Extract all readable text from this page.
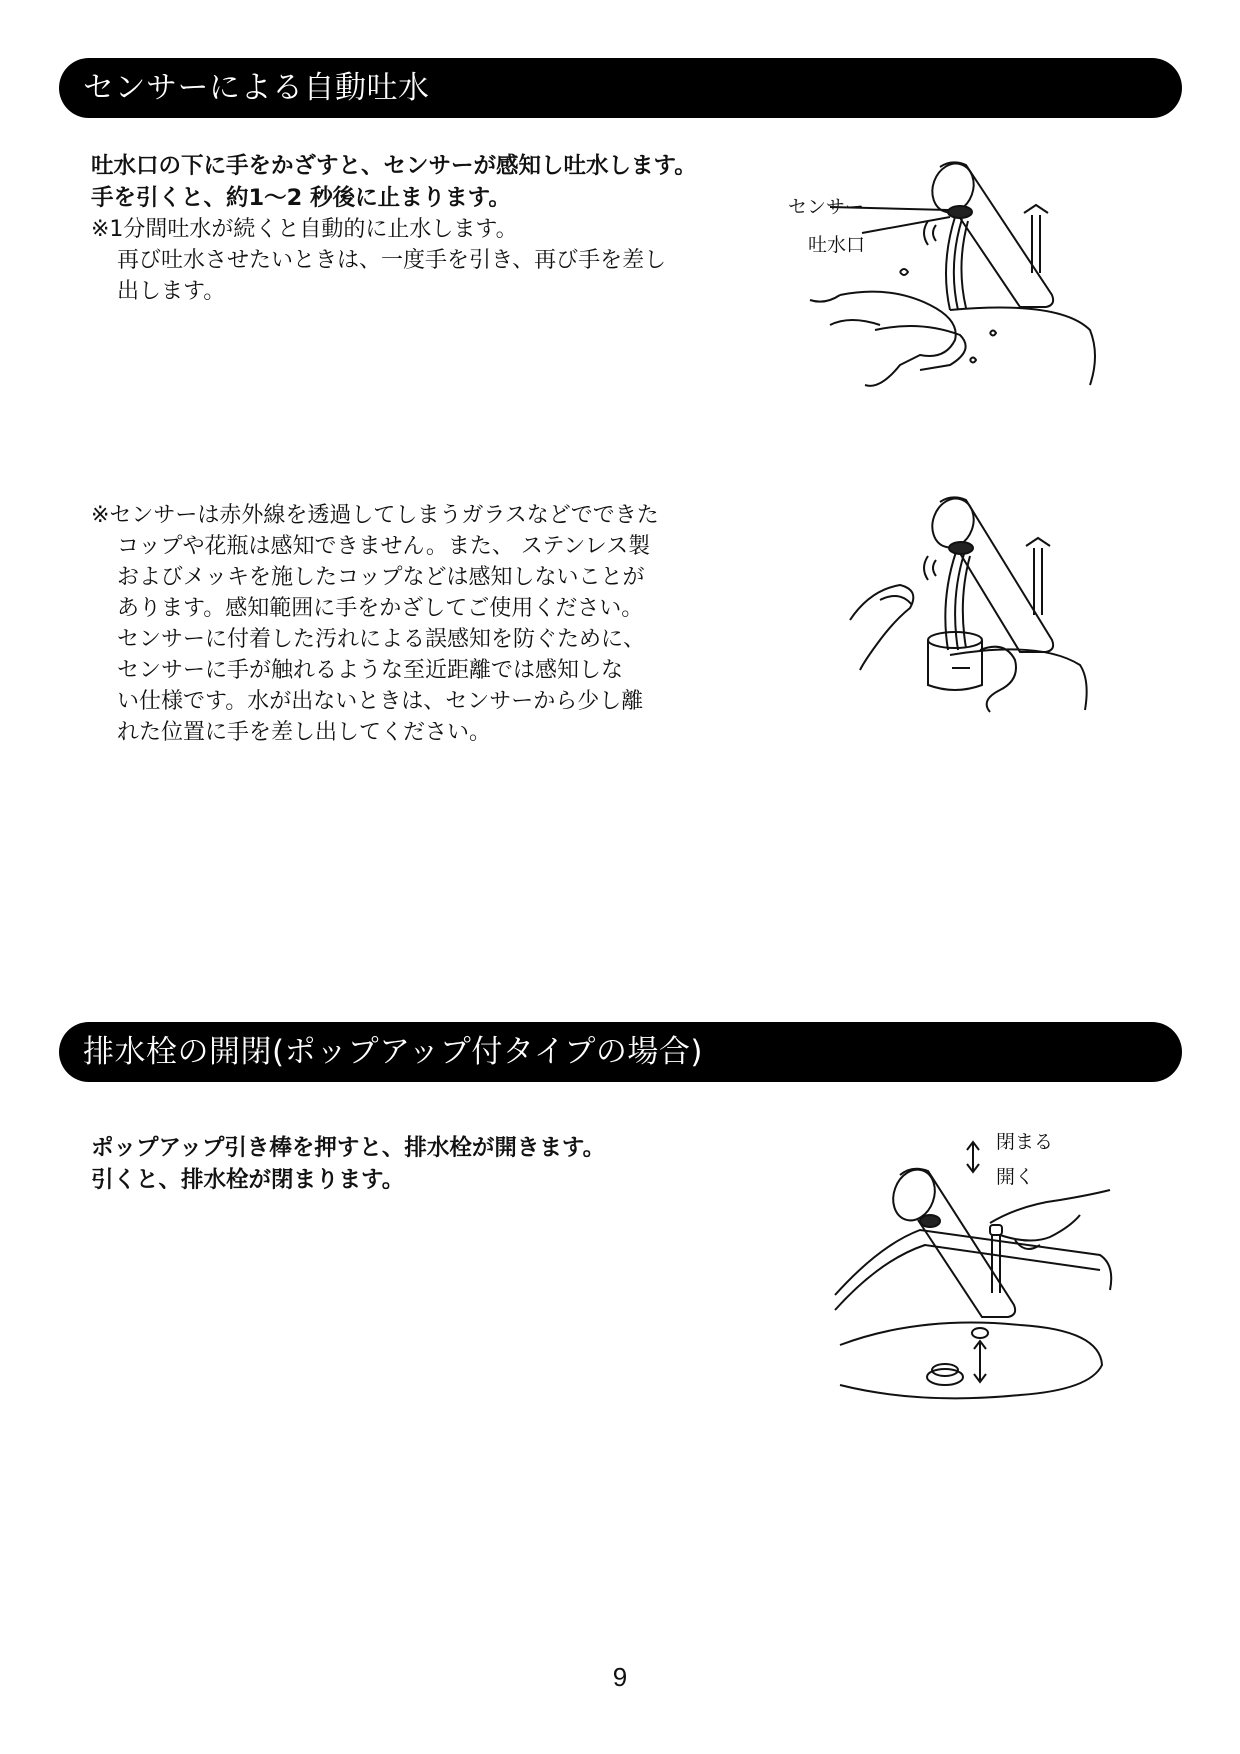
センサーによる自動吐水
吐水口の下に手をかざすと、センサーが感知し吐水します。
手を引くと、約1～2 秒後に止まります。
※1分間吐水が続くと自動的に止水します。
再び吐水させたいときは、一度手を引き、再び手を差し
出します。
センサー
吐水口
※センサーは赤外線を透過してしまうガラスなどでできた
コップや花瓶は感知できません。また、 ステンレス製
およびメッキを施したコップなどは感知しないことが
あります。感知範囲に手をかざしてご使用ください。
センサーに付着した汚れによる誤感知を防ぐために、
センサーに手が触れるような至近距離では感知しな
い仕様です。水が出ないときは、センサーから少し離
れた位置に手を差し出してください。
排水栓の開閉(ポップアップ付タイプの場合)
ポップアップ引き棒を押すと、排水栓が開きます。
引くと、排水栓が閉まります。
閉まる
開く
9
